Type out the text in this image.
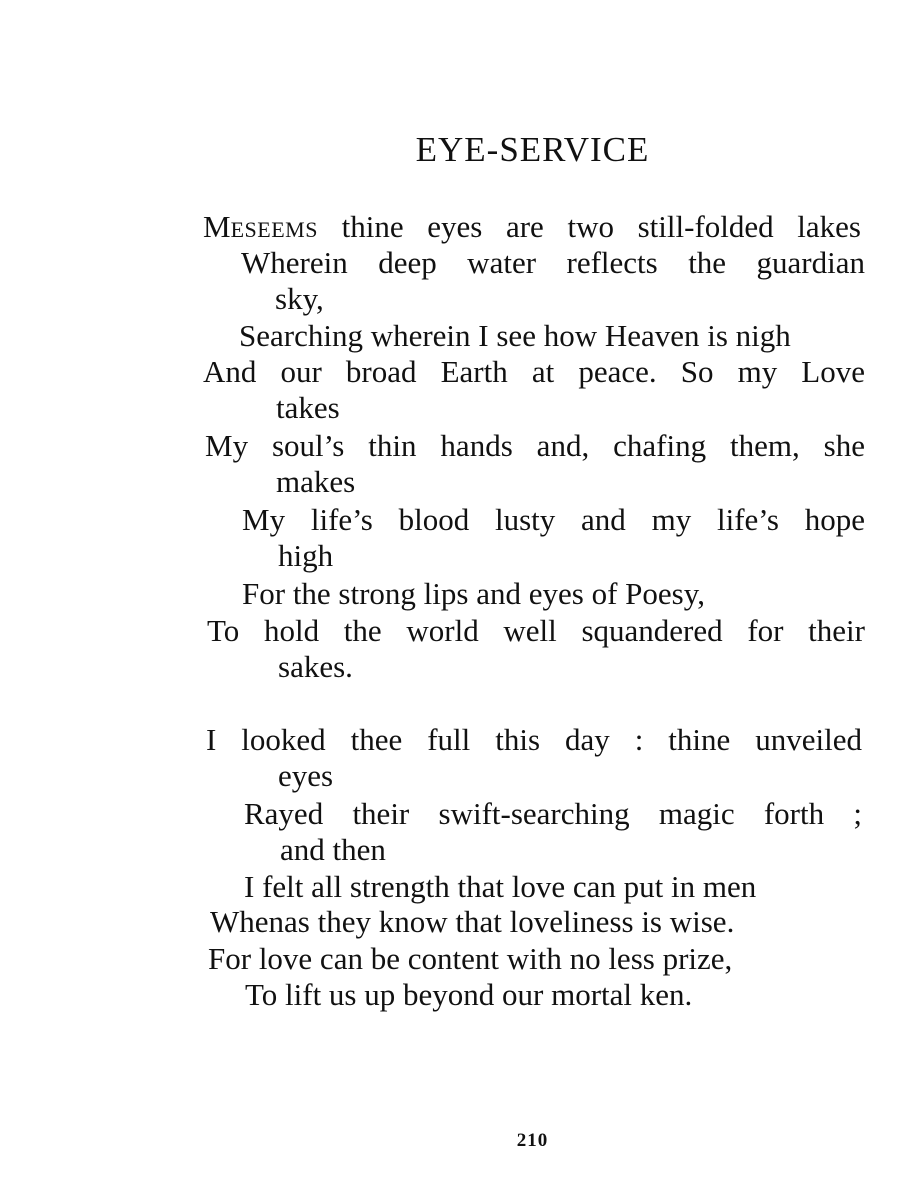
EYE-SERVICE
MESEEMS thine eyes are two still-folded lakes
Wherein deep water reflects the guardian
sky,
Searching wherein I see how Heaven is nigh
And our broad Earth at peace. So my Love
takes
My soul’s thin hands and, chafing them, she
makes
My life’s blood lusty and my life’s hope
high
For the strong lips and eyes of Poesy,
To hold the world well squandered for their
sakes.
I looked thee full this day : thine unveiled
eyes
Rayed their swift-searching magic forth ;
and then
I felt all strength that love can put in men
Whenas they know that loveliness is wise.
For love can be content with no less prize,
To lift us up beyond our mortal ken.
210
